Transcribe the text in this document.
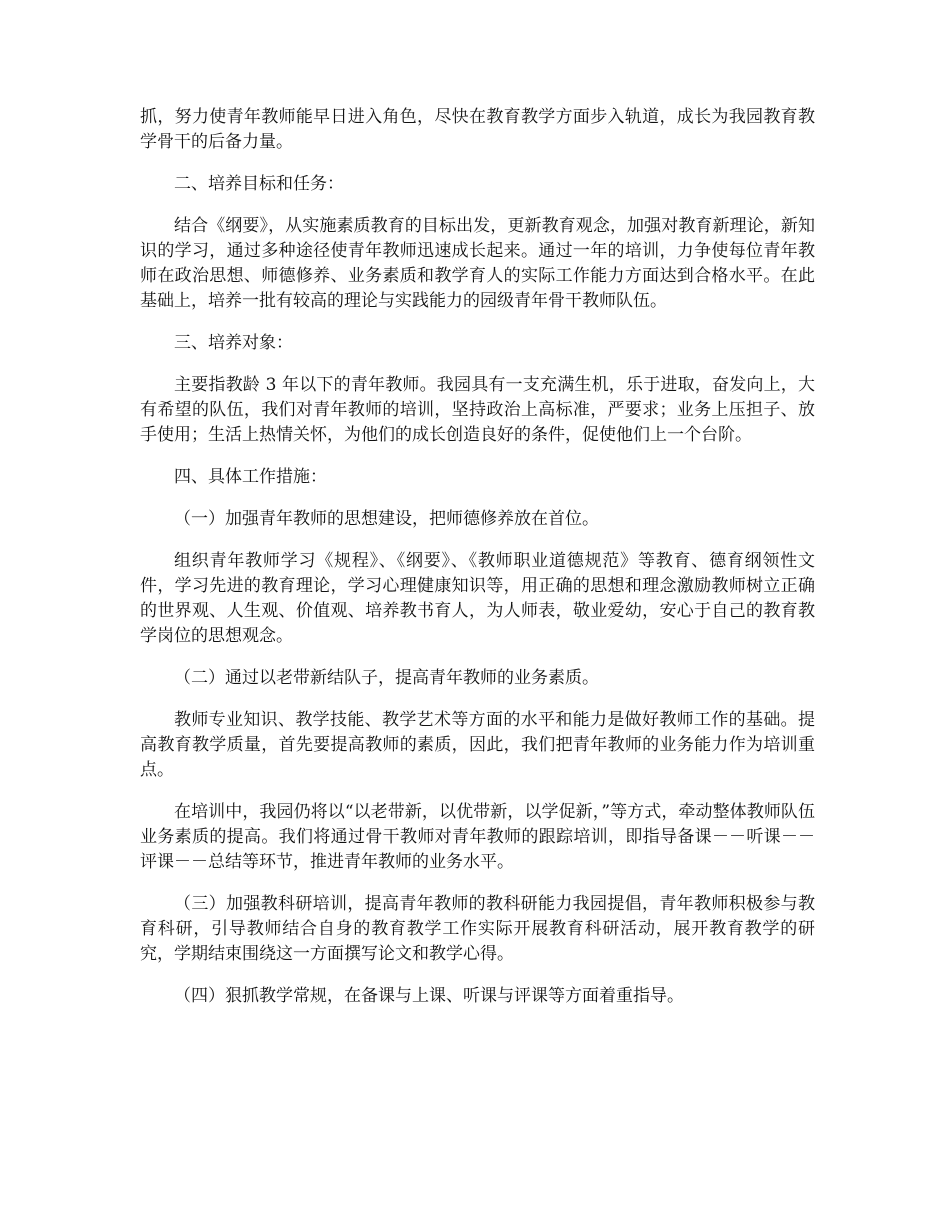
抓，努力使青年教师能早日进入角色，尽快在教育教学方面步入轨道，成长为我园教育教学骨干的后备力量。

二、培养目标和任务：

结合《纲要》，从实施素质教育的目标出发，更新教育观念，加强对教育新理论，新知识的学习，通过多种途径使青年教师迅速成长起来。通过一年的培训，力争使每位青年教师在政治思想、师德修养、业务素质和教学育人的实际工作能力方面达到合格水平。在此基础上，培养一批有较高的理论与实践能力的园级青年骨干教师队伍。

三、培养对象：

主要指教龄 3 年以下的青年教师。我园具有一支充满生机，乐于进取，奋发向上，大有希望的队伍，我们对青年教师的培训，坚持政治上高标准，严要求；业务上压担子、放手使用；生活上热情关怀，为他们的成长创造良好的条件，促使他们上一个台阶。

四、具体工作措施：

（一）加强青年教师的思想建设，把师德修养放在首位。

组织青年教师学习《规程》、《纲要》、《教师职业道德规范》等教育、德育纲领性文件，学习先进的教育理论，学习心理健康知识等，用正确的思想和理念激励教师树立正确的世界观、人生观、价值观、培养教书育人，为人师表，敬业爱幼，安心于自己的教育教学岗位的思想观念。

（二）通过以老带新结队子，提高青年教师的业务素质。

教师专业知识、教学技能、教学艺术等方面的水平和能力是做好教师工作的基础。提高教育教学质量，首先要提高教师的素质，因此，我们把青年教师的业务能力作为培训重点。

在培训中，我园仍将以“以老带新，以优带新，以学促新，”等方式，牵动整体教师队伍业务素质的提高。我们将通过骨干教师对青年教师的跟踪培训，即指导备课－－听课－－评课－－总结等环节，推进青年教师的业务水平。

（三）加强教科研培训，提高青年教师的教科研能力我园提倡，青年教师积极参与教育科研，引导教师结合自身的教育教学工作实际开展教育科研活动，展开教育教学的研究，学期结束围绕这一方面撰写论文和教学心得。

（四）狠抓教学常规，在备课与上课、听课与评课等方面着重指导。
